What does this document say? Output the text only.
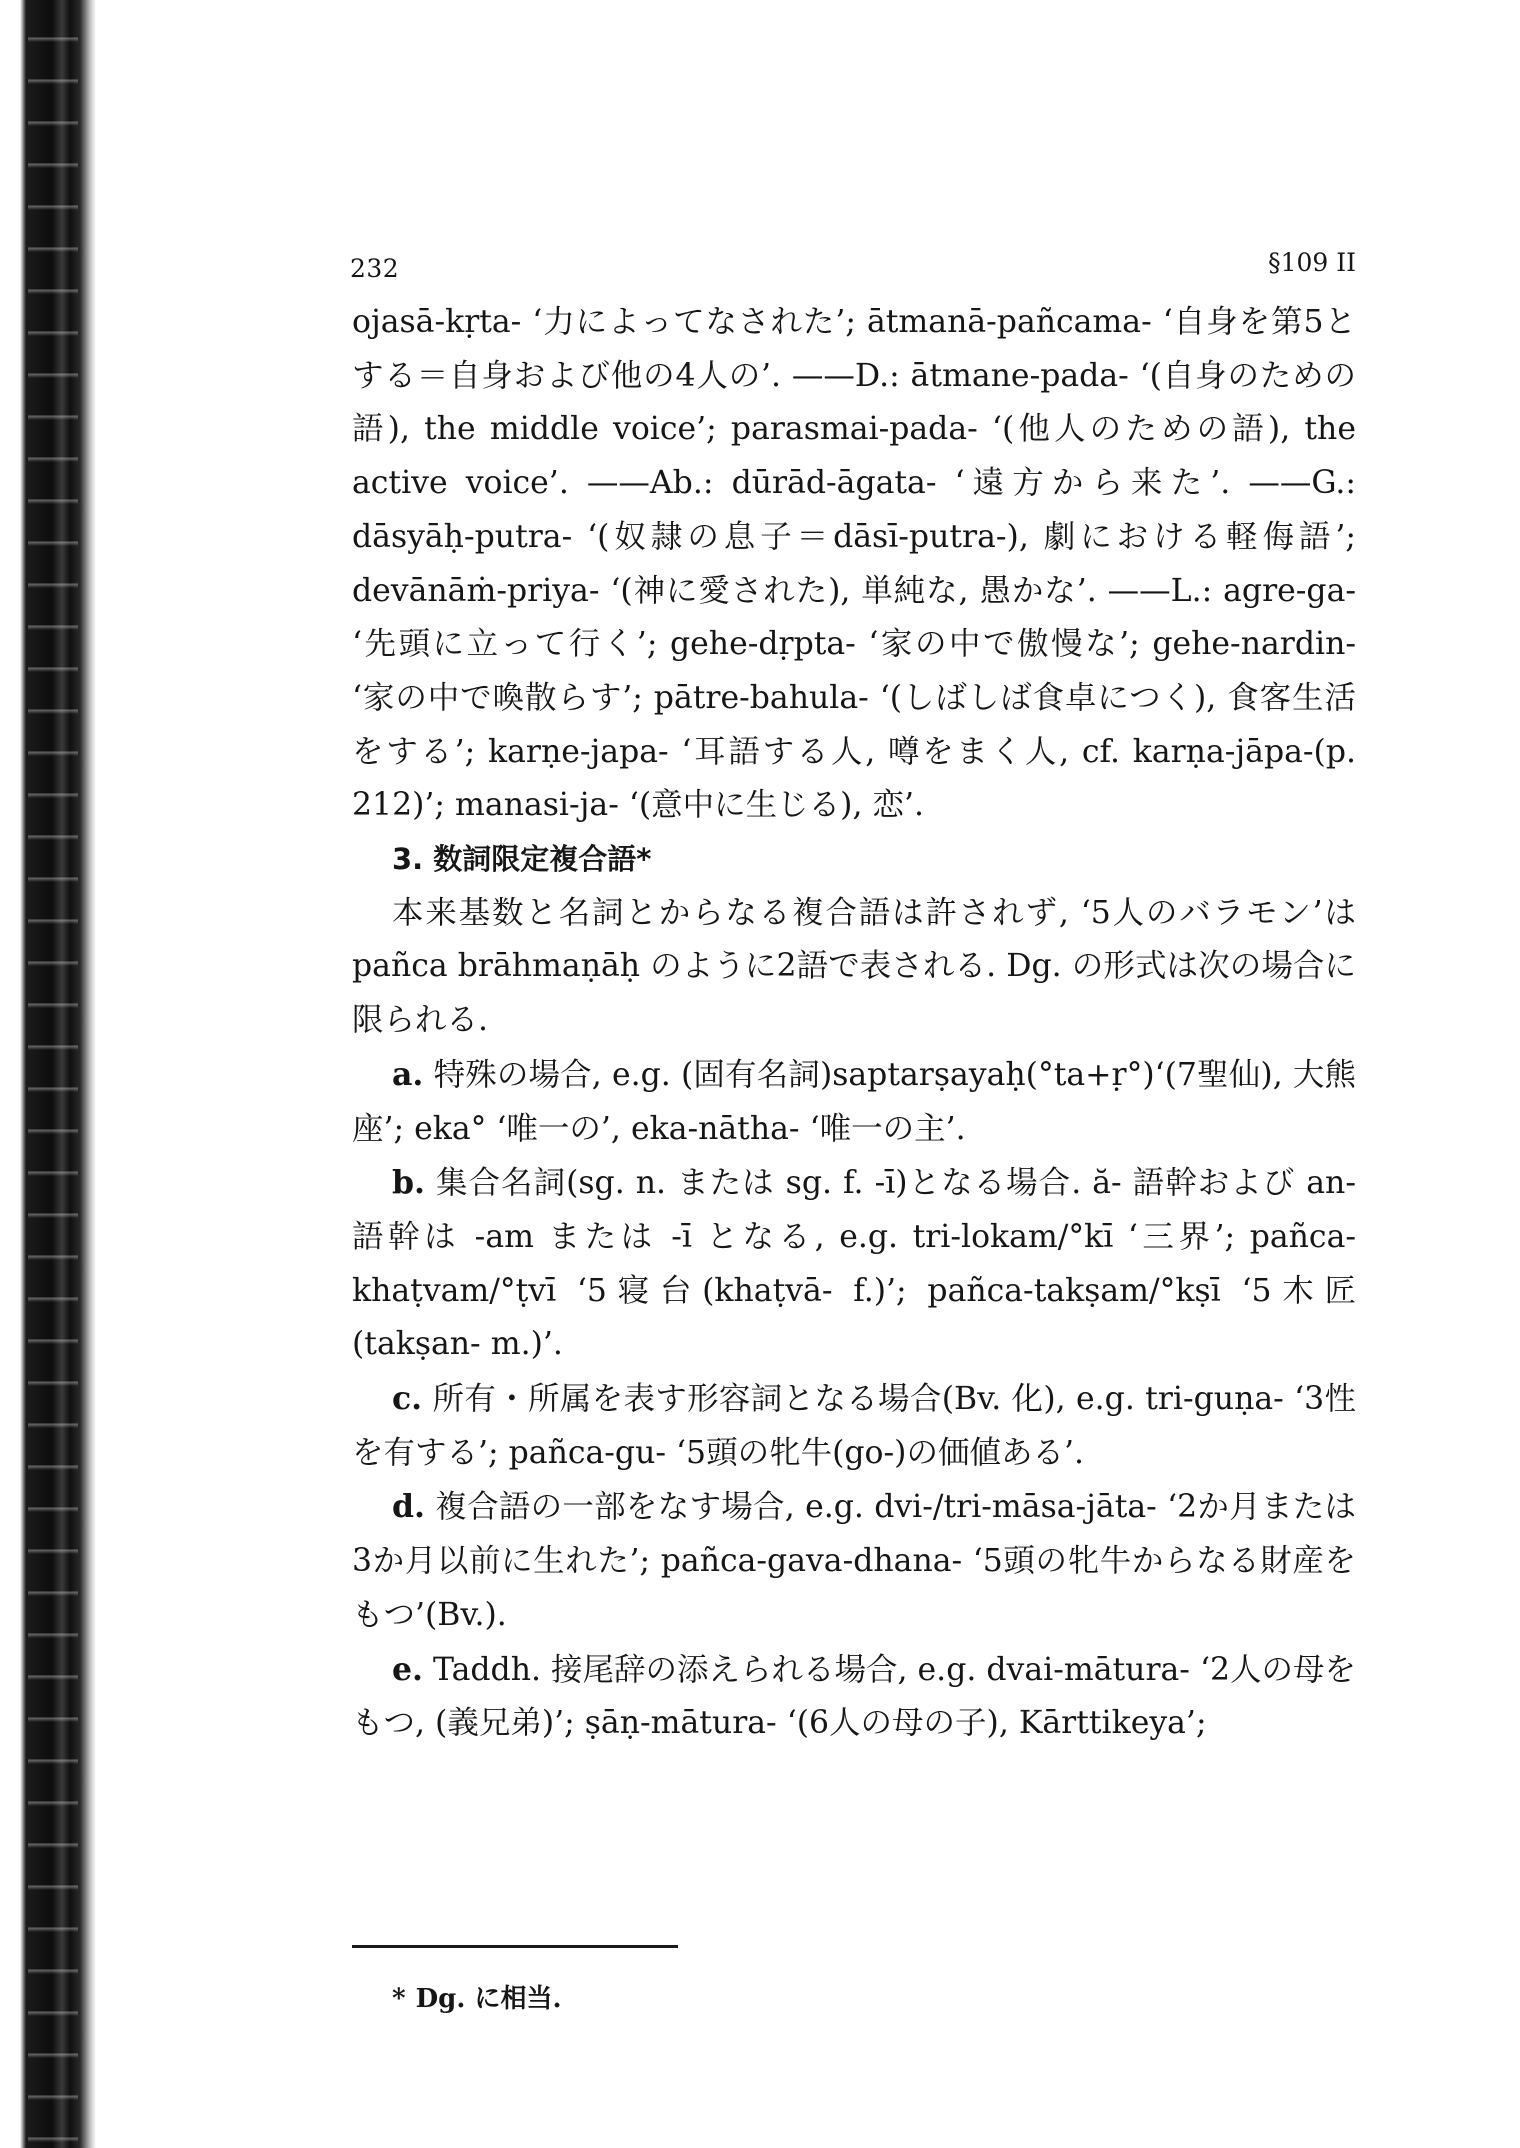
232	§109 II

ojasā-kṛta- ‘力によってなされた’; ātmanā-pañcama- ‘自身を第5とする＝自身および他の4人の’. ——D.: ātmane-pada- ‘(自身のための語), the middle voice’; parasmai-pada- ‘(他人のための語), the active voice’. ——Ab.: dūrād-āgata- ‘遠方から来た’. ——G.: dāsyāḥ-putra- ‘(奴隷の息子＝dāsī-putra-), 劇における軽侮語’; devānāṁ-priya- ‘(神に愛された), 単純な, 愚かな’. ——L.: agre-ga- ‘先頭に立って行く’; gehe-dṛpta- ‘家の中で傲慢な’; gehe-nardin- ‘家の中で喚散らす’; pātre-bahula- ‘(しばしば食卓につく), 食客生活をする’; karṇe-japa- ‘耳語する人, 噂をまく人, cf. karṇa-jāpa-(p. 212)’; manasi-ja- ‘(意中に生じる), 恋’.

3. 数詞限定複合語*

本来基数と名詞とからなる複合語は許されず, ‘5人のバラモン’は pañca brāhmaṇāḥ のように2語で表される. Dg. の形式は次の場合に限られる.

a. 特殊の場合, e.g. (固有名詞)saptarṣayaḥ(°ta+ṛ°)‘(7聖仙), 大熊座’; eka° ‘唯一の’, eka-nātha- ‘唯一の主’.

b. 集合名詞(sg. n. または sg. f. -ī)となる場合. ă- 語幹および an- 語幹は -am または -ī となる, e.g. tri-lokam/°kī ‘三界’; pañca-khaṭvam/°ṭvī ‘5寝台(khaṭvā- f.)’; pañca-takṣam/°kṣī ‘5木匠(takṣan- m.)’.

c. 所有・所属を表す形容詞となる場合(Bv. 化), e.g. tri-guṇa- ‘3性を有する’; pañca-gu- ‘5頭の牝牛(go-)の価値ある’.

d. 複合語の一部をなす場合, e.g. dvi-/tri-māsa-jāta- ‘2か月または3か月以前に生れた’; pañca-gava-dhana- ‘5頭の牝牛からなる財産をもつ’(Bv.).

e. Taddh. 接尾辞の添えられる場合, e.g. dvai-mātura- ‘2人の母をもつ, (義兄弟)’; ṣāṇ-mātura- ‘(6人の母の子), Kārttikeya’;

* Dg. に相当.
